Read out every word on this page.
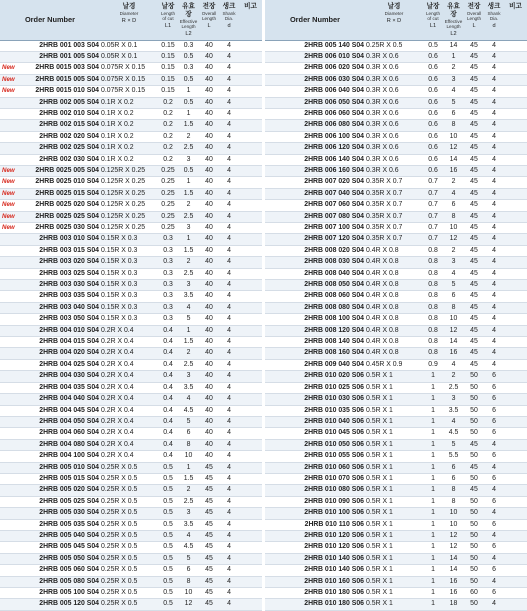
Order Number	날경
Diameter
R × D	날장
Length of cut
L1	유효장
Effective Length
L2	전장
Overall Length
L	생크
Shank Dia.
d	비고

2HRB 001 003 S04	0.05R X 0.1	0.15	0.3	40	4	
2HRB 001 005 S04	0.05R X 0.1	0.15	0.5	40	4	

New 2HRB 0015 003 S04	0.075R X 0.15	0.15	0.3	40	4	

New 2HRB 0015 005 S04	0.075R X 0.15	0.15	0.5	40	4	

New 2HRB 0015 010 S04	0.075R X 0.15	0.15	1	40	4	
2HRB 002 005 S04	0.1R X 0.2	0.2	0.5	40	4	
2HRB 002 010 S04	0.1R X 0.2	0.2	1	40	4	
2HRB 002 015 S04	0.1R X 0.2	0.2	1.5	40	4	
2HRB 002 020 S04	0.1R X 0.2	0.2	2	40	4	
2HRB 002 025 S04	0.1R X 0.2	0.2	2.5	40	4	
2HRB 002 030 S04	0.1R X 0.2	0.2	3	40	4	

New 2HRB 0025 005 S04	0.125R X 0.25	0.25	0.5	40	4	

New 2HRB 0025 010 S04	0.125R X 0.25	0.25	1	40	4	

New 2HRB 0025 015 S04	0.125R X 0.25	0.25	1.5	40	4	

New 2HRB 0025 020 S04	0.125R X 0.25	0.25	2	40	4	

New 2HRB 0025 025 S04	0.125R X 0.25	0.25	2.5	40	4	

New 2HRB 0025 030 S04	0.125R X 0.25	0.25	3	40	4	
2HRB 003 010 S04	0.15R X 0.3	0.3	1	40	4	
2HRB 003 015 S04	0.15R X 0.3	0.3	1.5	40	4	
2HRB 003 020 S04	0.15R X 0.3	0.3	2	40	4	
2HRB 003 025 S04	0.15R X 0.3	0.3	2.5	40	4	
2HRB 003 030 S04	0.15R X 0.3	0.3	3	40	4	
2HRB 003 035 S04	0.15R X 0.3	0.3	3.5	40	4	
2HRB 003 040 S04	0.15R X 0.3	0.3	4	40	4	
2HRB 003 050 S04	0.15R X 0.3	0.3	5	40	4	
2HRB 004 010 S04	0.2R X 0.4	0.4	1	40	4	
2HRB 004 015 S04	0.2R X 0.4	0.4	1.5	40	4	
2HRB 004 020 S04	0.2R X 0.4	0.4	2	40	4	
2HRB 004 025 S04	0.2R X 0.4	0.4	2.5	40	4	
2HRB 004 030 S04	0.2R X 0.4	0.4	3	40	4	
2HRB 004 035 S04	0.2R X 0.4	0.4	3.5	40	4	
2HRB 004 040 S04	0.2R X 0.4	0.4	4	40	4	
2HRB 004 045 S04	0.2R X 0.4	0.4	4.5	40	4	
2HRB 004 050 S04	0.2R X 0.4	0.4	5	40	4	
2HRB 004 060 S04	0.2R X 0.4	0.4	6	40	4	
2HRB 004 080 S04	0.2R X 0.4	0.4	8	40	4	
2HRB 004 100 S04	0.2R X 0.4	0.4	10	40	4	
2HRB 005 010 S04	0.25R X 0.5	0.5	1	45	4	
2HRB 005 015 S04	0.25R X 0.5	0.5	1.5	45	4	
2HRB 005 020 S04	0.25R X 0.5	0.5	2	45	4	
2HRB 005 025 S04	0.25R X 0.5	0.5	2.5	45	4	
2HRB 005 030 S04	0.25R X 0.5	0.5	3	45	4	
2HRB 005 035 S04	0.25R X 0.5	0.5	3.5	45	4	
2HRB 005 040 S04	0.25R X 0.5	0.5	4	45	4	
2HRB 005 045 S04	0.25R X 0.5	0.5	4.5	45	4	
2HRB 005 050 S04	0.25R X 0.5	0.5	5	45	4	
2HRB 005 060 S04	0.25R X 0.5	0.5	6	45	4	
2HRB 005 080 S04	0.25R X 0.5	0.5	8	45	4	
2HRB 005 100 S04	0.25R X 0.5	0.5	10	45	4	
2HRB 005 120 S04	0.25R X 0.5	0.5	12	45	4	
Order Number	날경
Diameter
R × D	날장
Length of cut
L1	유효장
Effective Length
L2	전장
Overall Length
L	생크
Shank Dia.
d	비고

2HRB 005 140 S04	0.25R X 0.5	0.5	14	45	4	
2HRB 006 010 S04	0.3R X 0.6	0.6	1	45	4	
2HRB 006 020 S04	0.3R X 0.6	0.6	2	45	4	
2HRB 006 030 S04	0.3R X 0.6	0.6	3	45	4	
2HRB 006 040 S04	0.3R X 0.6	0.6	4	45	4	
2HRB 006 050 S04	0.3R X 0.6	0.6	5	45	4	
2HRB 006 060 S04	0.3R X 0.6	0.6	6	45	4	
2HRB 006 080 S04	0.3R X 0.6	0.6	8	45	4	
2HRB 006 100 S04	0.3R X 0.6	0.6	10	45	4	
2HRB 006 120 S04	0.3R X 0.6	0.6	12	45	4	
2HRB 006 140 S04	0.3R X 0.6	0.6	14	45	4	
2HRB 006 160 S04	0.3R X 0.6	0.6	16	45	4	
2HRB 007 020 S04	0.35R X 0.7	0.7	2	45	4	
2HRB 007 040 S04	0.35R X 0.7	0.7	4	45	4	
2HRB 007 060 S04	0.35R X 0.7	0.7	6	45	4	
2HRB 007 080 S04	0.35R X 0.7	0.7	8	45	4	
2HRB 007 100 S04	0.35R X 0.7	0.7	10	45	4	
2HRB 007 120 S04	0.35R X 0.7	0.7	12	45	4	
2HRB 008 020 S04	0.4R X 0.8	0.8	2	45	4	
2HRB 008 030 S04	0.4R X 0.8	0.8	3	45	4	
2HRB 008 040 S04	0.4R X 0.8	0.8	4	45	4	
2HRB 008 050 S04	0.4R X 0.8	0.8	5	45	4	
2HRB 008 060 S04	0.4R X 0.8	0.8	6	45	4	
2HRB 008 080 S04	0.4R X 0.8	0.8	8	45	4	
2HRB 008 100 S04	0.4R X 0.8	0.8	10	45	4	
2HRB 008 120 S04	0.4R X 0.8	0.8	12	45	4	
2HRB 008 140 S04	0.4R X 0.8	0.8	14	45	4	
2HRB 008 160 S04	0.4R X 0.8	0.8	16	45	4	
2HRB 009 040 S04	0.45R X 0.9	0.9	4	45	4	
2HRB 010 020 S06	0.5R X 1	1	2	50	6	
2HRB 010 025 S06	0.5R X 1	1	2.5	50	6	
2HRB 010 030 S06	0.5R X 1	1	3	50	6	
2HRB 010 035 S06	0.5R X 1	1	3.5	50	6	
2HRB 010 040 S06	0.5R X 1	1	4	50	6	
2HRB 010 045 S06	0.5R X 1	1	4.5	50	6	
2HRB 010 050 S06	0.5R X 1	1	5	45	4	
2HRB 010 055 S06	0.5R X 1	1	5.5	50	6	
2HRB 010 060 S06	0.5R X 1	1	6	45	4	
2HRB 010 070 S06	0.5R X 1	1	6	50	6	
2HRB 010 080 S06	0.5R X 1	1	8	45	4	
2HRB 010 090 S06	0.5R X 1	1	8	50	6	
2HRB 010 100 S06	0.5R X 1	1	10	50	4	
2HRB 010 110 S06	0.5R X 1	1	10	50	6	
2HRB 010 120 S06	0.5R X 1	1	12	50	4	
2HRB 010 120 S06	0.5R X 1	1	12	50	6	
2HRB 010 140 S06	0.5R X 1	1	14	50	4	
2HRB 010 140 S06	0.5R X 1	1	14	50	6	
2HRB 010 160 S06	0.5R X 1	1	16	50	4	
2HRB 010 180 S06	0.5R X 1	1	16	60	6	
2HRB 010 180 S06	0.5R X 1	1	18	50	4	
